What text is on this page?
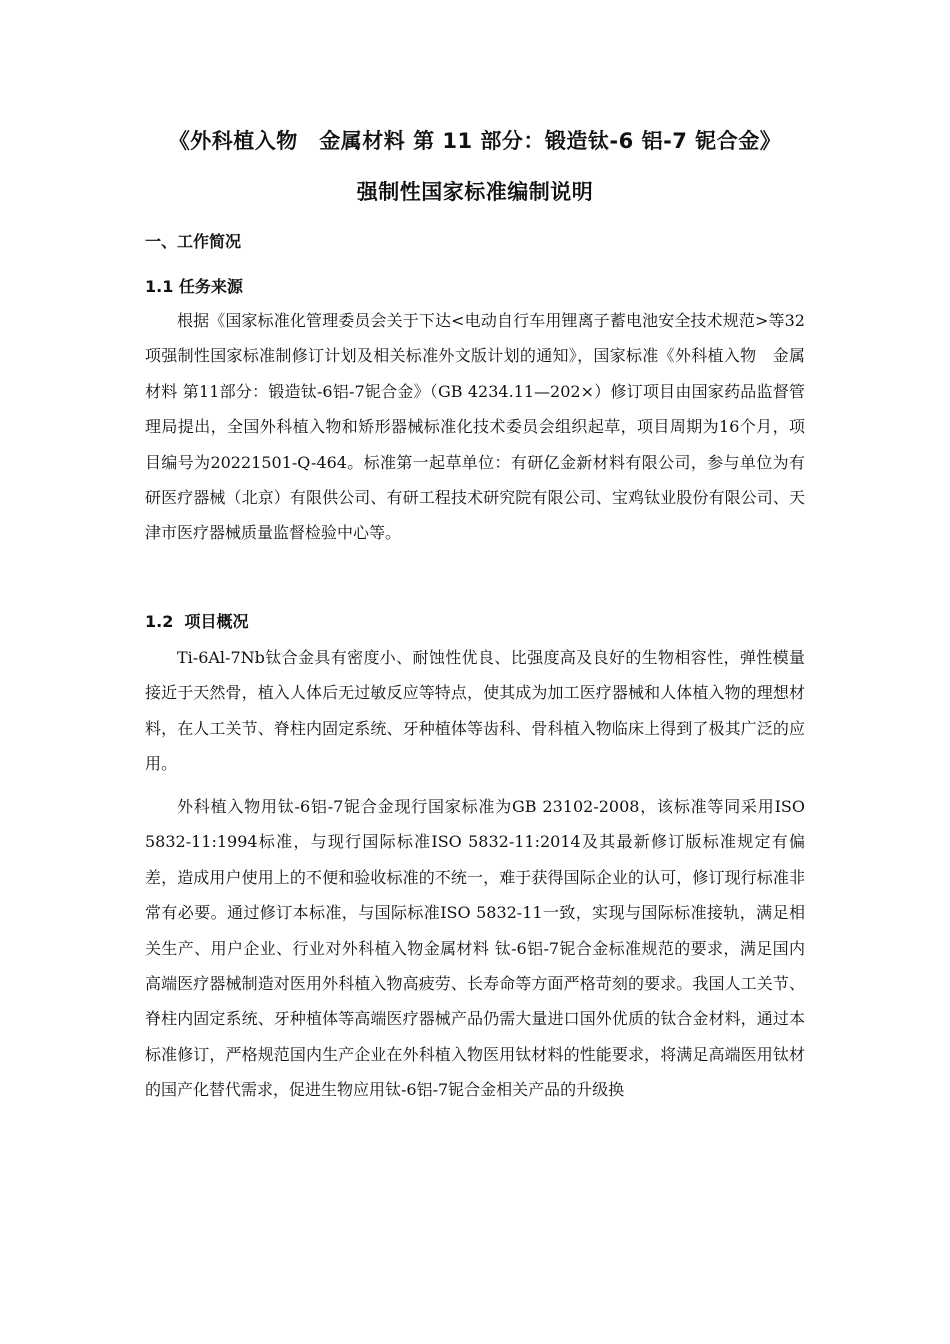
《外科植入物　金属材料 第 11 部分：锻造钛-6 铝-7 铌合金》
强制性国家标准编制说明
一、工作简况
1.1 任务来源
根据《国家标准化管理委员会关于下达<电动自行车用锂离子蓄电池安全技术规范>等32项强制性国家标准制修订计划及相关标准外文版计划的通知》，国家标准《外科植入物　金属材料 第11部分：锻造钛-6铝-7铌合金》（GB 4234.11—202×）修订项目由国家药品监督管理局提出，全国外科植入物和矫形器械标准化技术委员会组织起草，项目周期为16个月，项目编号为20221501-Q-464。标准第一起草单位：有研亿金新材料有限公司，参与单位为有研医疗器械（北京）有限供公司、有研工程技术研究院有限公司、宝鸡钛业股份有限公司、天津市医疗器械质量监督检验中心等。
1.2  项目概况
Ti-6Al-7Nb钛合金具有密度小、耐蚀性优良、比强度高及良好的生物相容性，弹性模量接近于天然骨，植入人体后无过敏反应等特点，使其成为加工医疗器械和人体植入物的理想材料，在人工关节、脊柱内固定系统、牙种植体等齿科、骨科植入物临床上得到了极其广泛的应用。
外科植入物用钛-6铝-7铌合金现行国家标准为GB 23102-2008，该标准等同采用ISO 5832-11:1994标准，与现行国际标准ISO 5832-11:2014及其最新修订版标准规定有偏差，造成用户使用上的不便和验收标准的不统一，难于获得国际企业的认可，修订现行标准非常有必要。通过修订本标准，与国际标准ISO 5832-11一致，实现与国际标准接轨，满足相关生产、用户企业、行业对外科植入物金属材料 钛-6铝-7铌合金标准规范的要求，满足国内高端医疗器械制造对医用外科植入物高疲劳、长寿命等方面严格苛刻的要求。我国人工关节、脊柱内固定系统、牙种植体等高端医疗器械产品仍需大量进口国外优质的钛合金材料，通过本标准修订，严格规范国内生产企业在外科植入物医用钛材料的性能要求，将满足高端医用钛材的国产化替代需求，促进生物应用钛-6铝-7铌合金相关产品的升级换
